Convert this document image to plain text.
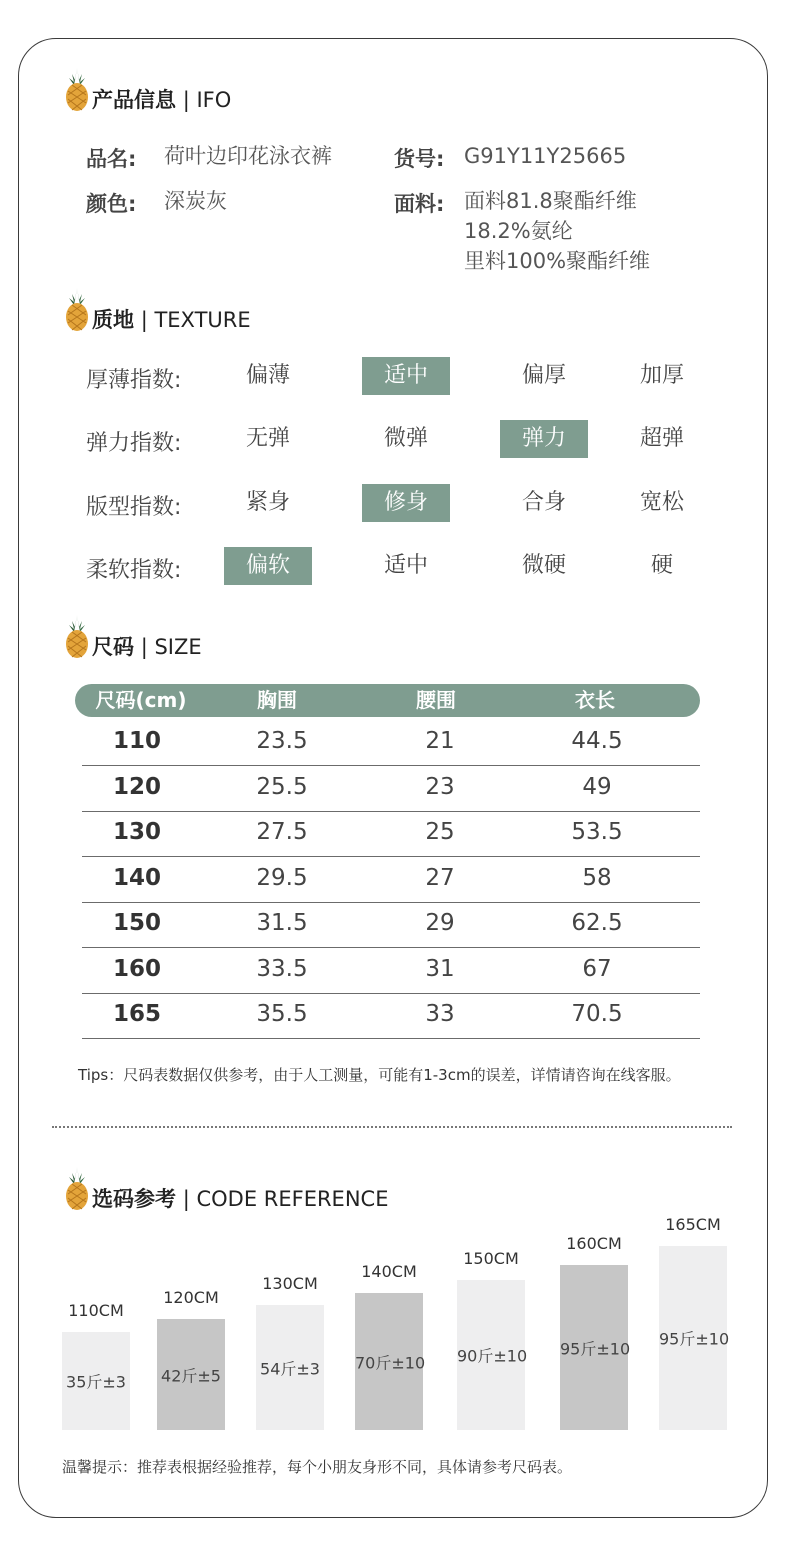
产品信息 | IFO
品名: 荷叶边印花泳衣裤	货号: G91Y11Y25665
颜色: 深炭灰	面料: 面料81.8聚酯纤维
18.2%氨纶
里料100%聚酯纤维
质地 | TEXTURE
厚薄指数:	偏薄	适中	偏厚	加厚
弹力指数:	无弹	微弹	弹力	超弹
版型指数:	紧身	修身	合身	宽松
柔软指数:	偏软	适中	微硬	硬
尺码 | SIZE
尺码(cm)	胸围	腰围	衣长
110	23.5	21	44.5
120	25.5	23	49
130	27.5	25	53.5
140	29.5	27	58
150	31.5	29	62.5
160	33.5	31	67
165	35.5	33	70.5
Tips：尺码表数据仅供参考，由于人工测量，可能有1-3cm的误差，详情请咨询在线客服。
选码参考 | CODE REFERENCE
35斤±3
110CM
42斤±5
120CM
54斤±3
130CM
70斤±10
140CM
90斤±10
150CM
95斤±10
160CM
95斤±10
165CM
温馨提示：推荐表根据经验推荐，每个小朋友身形不同，具体请参考尺码表。
